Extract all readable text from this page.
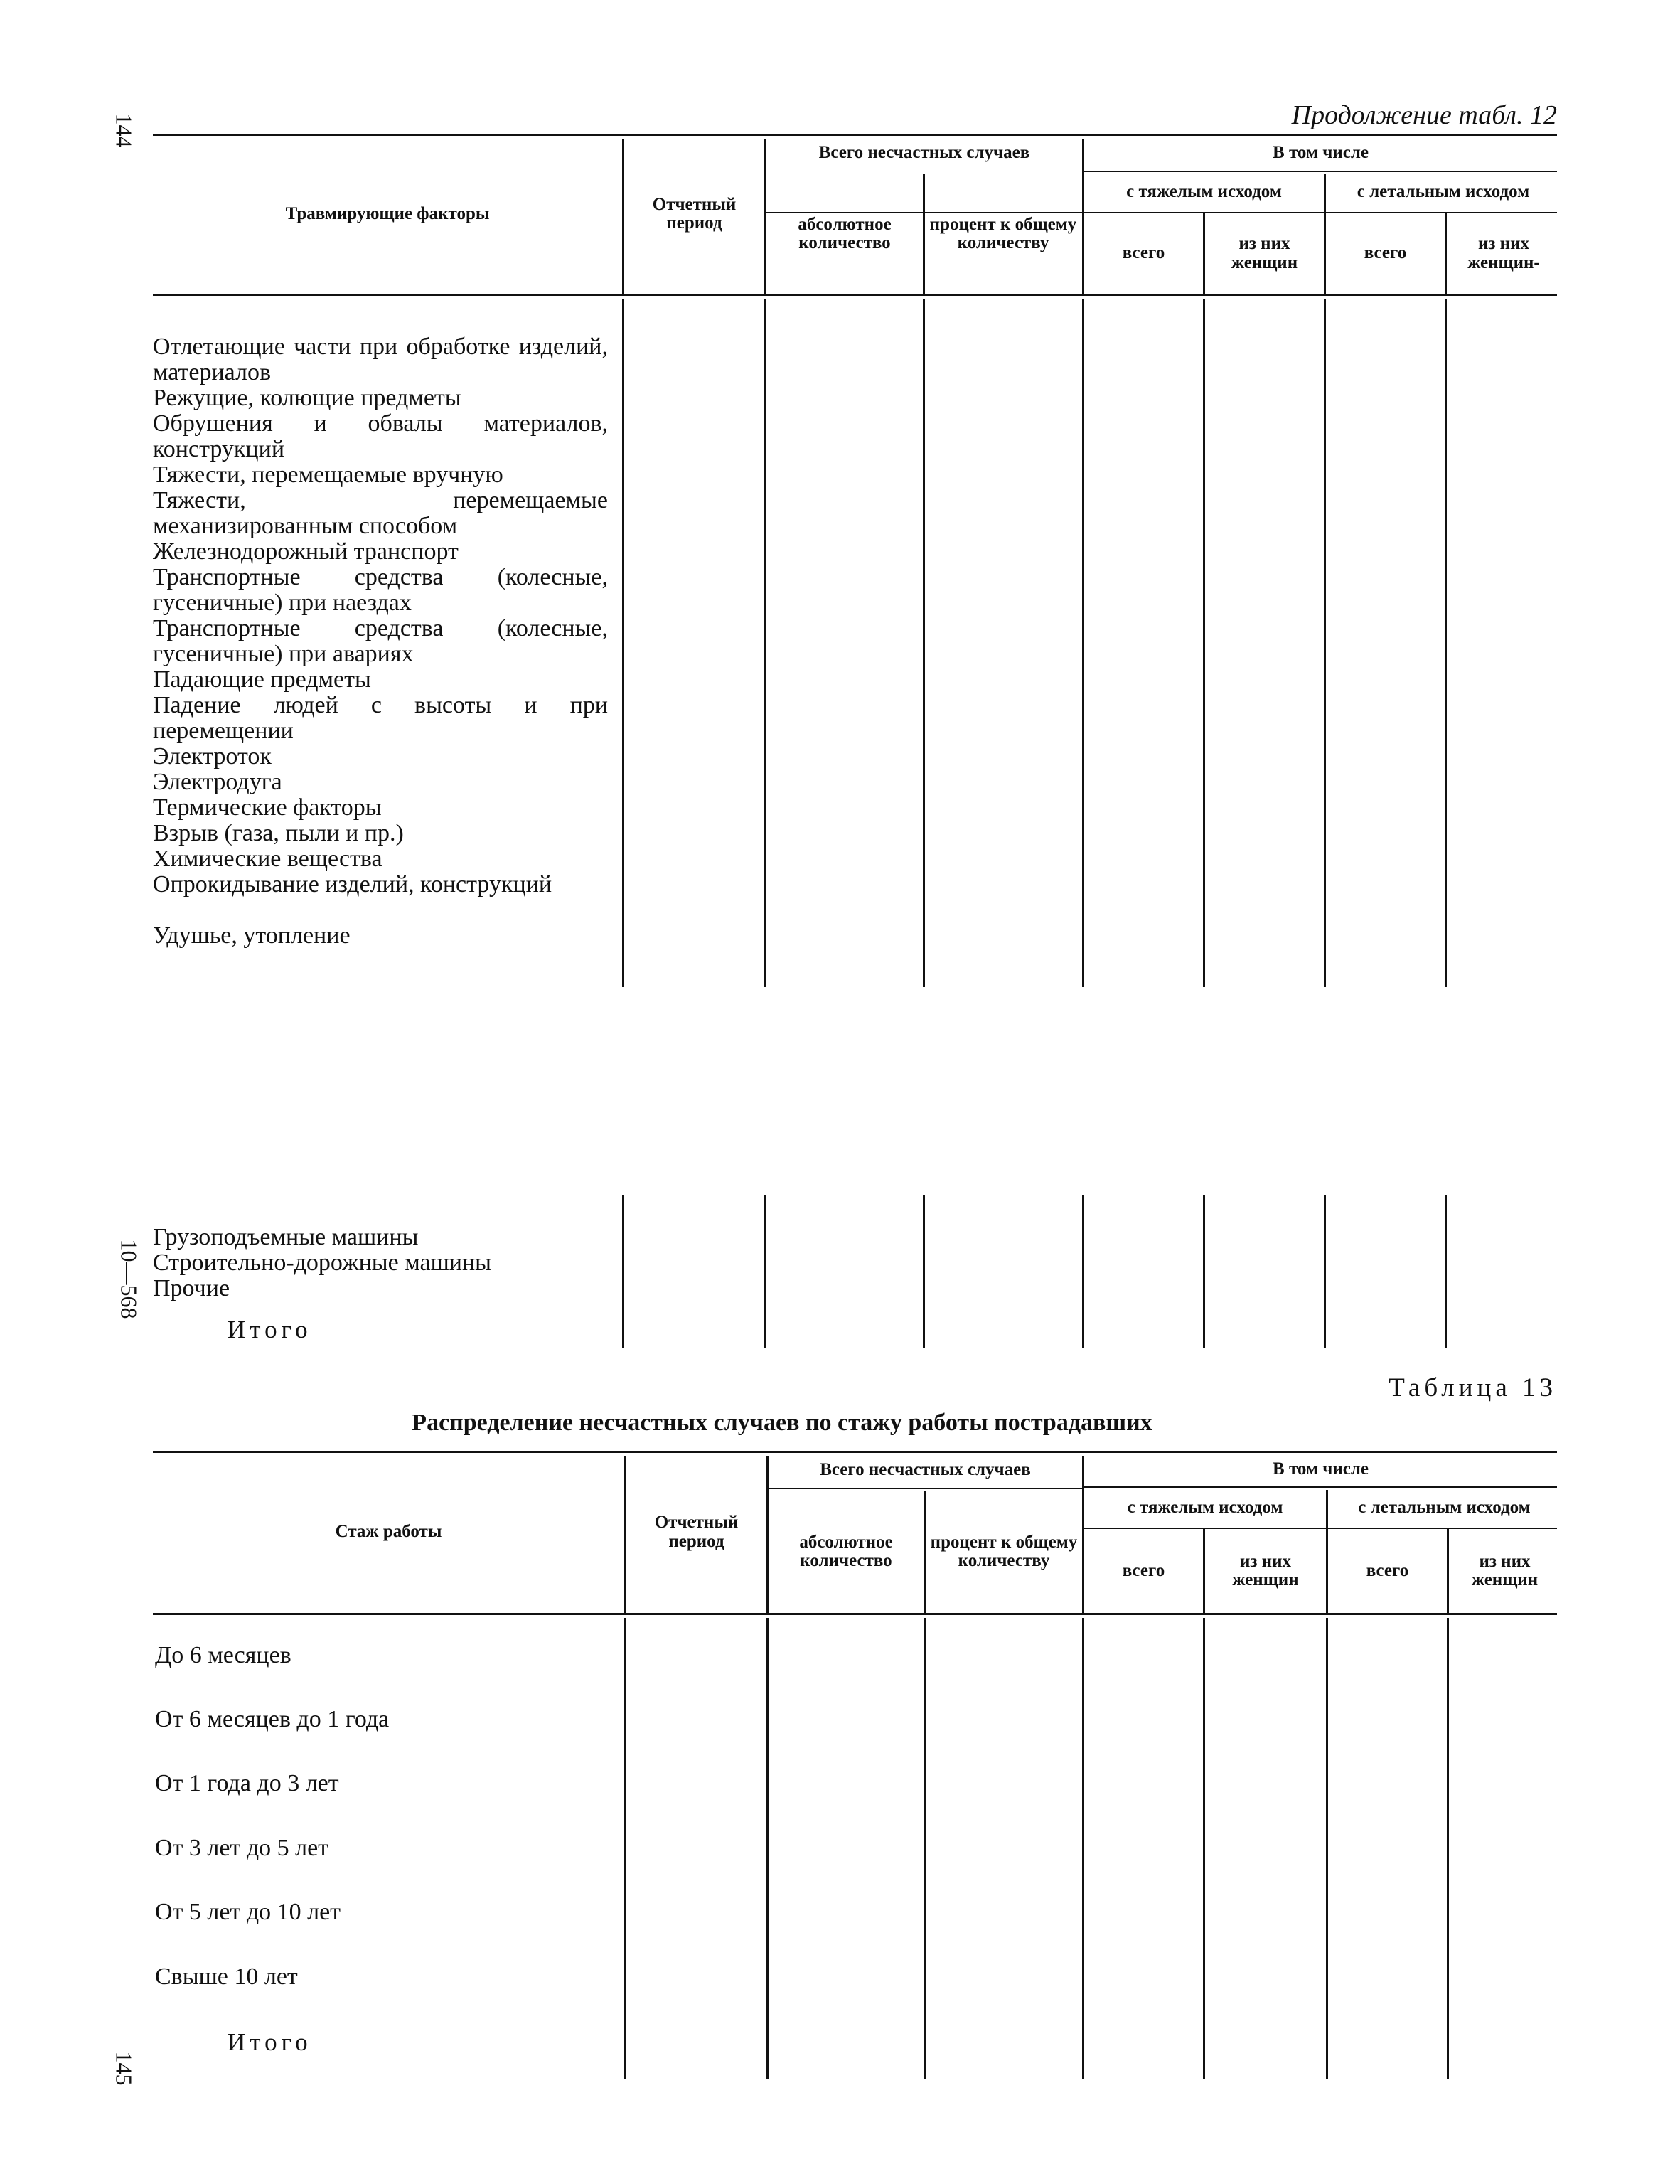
144
10—568
145
Продолжение табл. 12
Травмирующие факторы	Отчетный период
Всего несчастных случаев
абсолютное количество
процент к общему количеству
В том числе
с тяжелым исходом	с летальным исходом
всего	из них женщин	всего	из них женщин-
Отлетающие части при обработке изделий, материалов
Режущие, колющие предметы
Обрушения и обвалы материалов, конструкций
Тяжести, перемещаемые вручную
Тяжести, перемещаемые механизированным способом
Железнодорожный транспорт
Транспортные средства (колесные, гусеничные) при наездах
Транспортные средства (колесные, гусеничные) при авариях
Падающие предметы
Падение людей с высоты и при перемещении
Электроток
Электродуга
Термические факторы
Взрыв (газа, пыли и пр.)
Химические вещества
Опрокидывание изделий, конструкций
Удушье, утопление
Грузоподъемные машины
Строительно-дорожные машины
Прочие
Итого
Таблица 13
Распределение несчастных случаев по стажу работы пострадавших
Стаж работы	Отчетный период
Всего несчастных случаев
абсолютное количество
процент к общему количеству
В том числе
с тяжелым исходом	с летальным исходом
всего	из них женщин	всего	из них женщин
До 6 месяцев
От 6 месяцев до 1 года
От 1 года до 3 лет
От 3 лет до 5 лет
От 5 лет до 10 лет
Свыше 10 лет
Итого
